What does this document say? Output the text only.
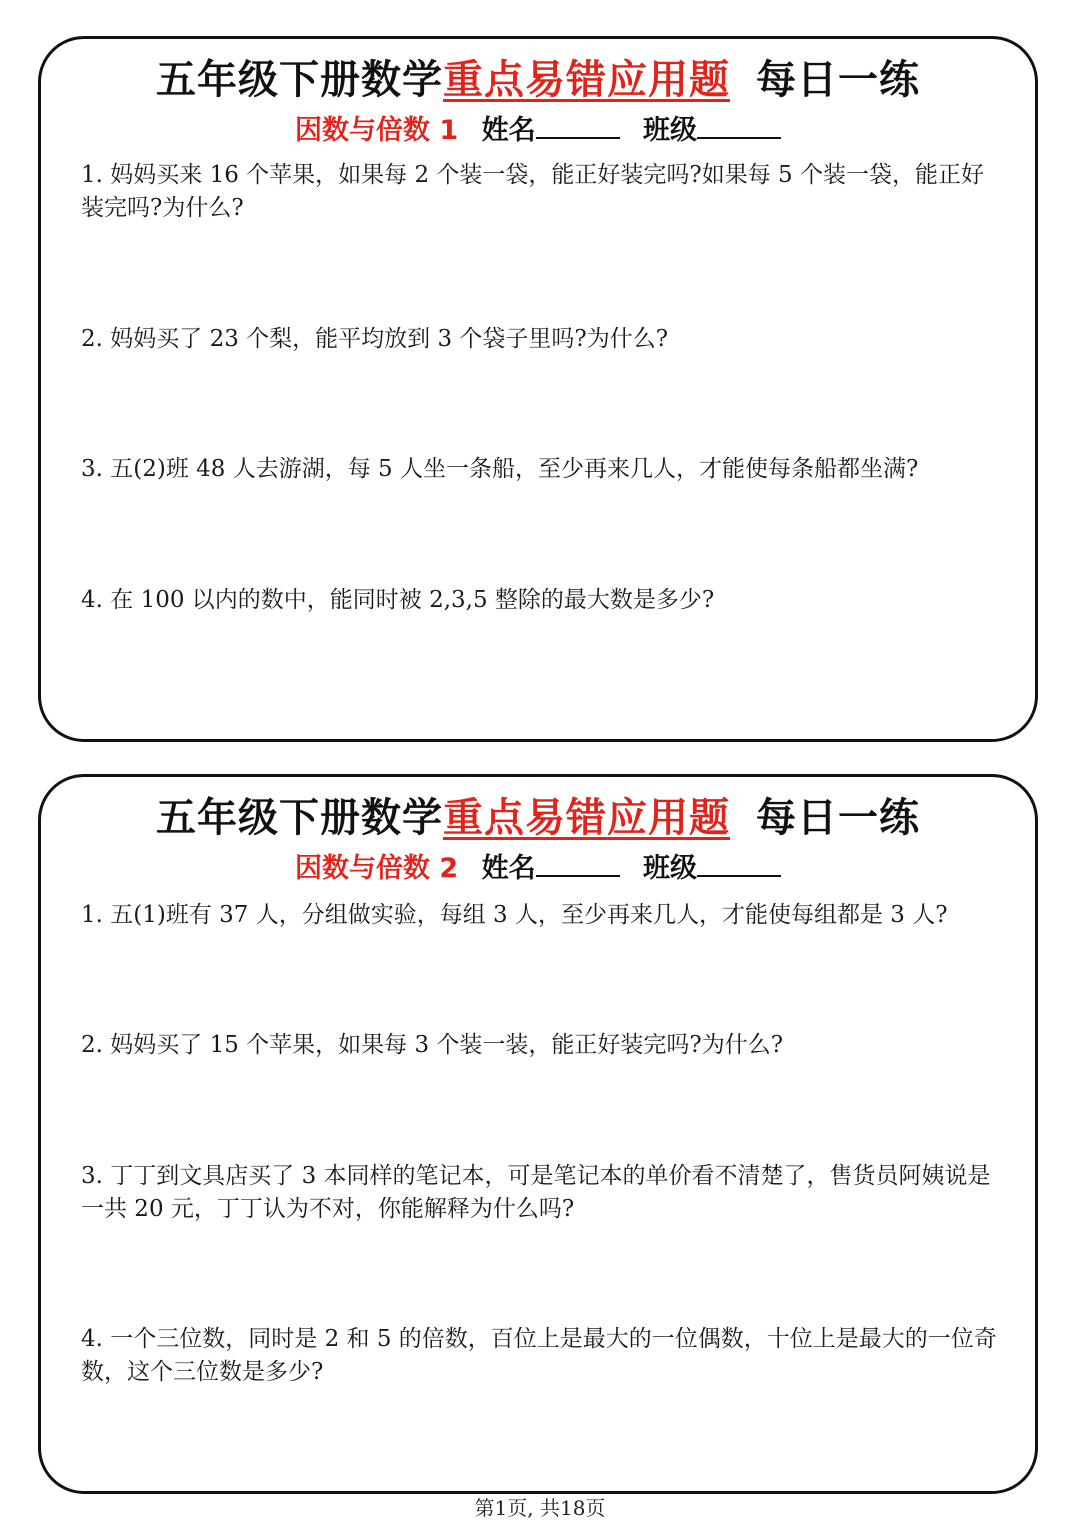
五年级下册数学重点易错应用题 每日一练
因数与倍数 1 姓名	班级
1. 妈妈买来 16 个苹果，如果每 2 个装一袋，能正好装完吗?如果每 5 个装一袋，能正好装完吗?为什么?
2. 妈妈买了 23 个梨，能平均放到 3 个袋子里吗?为什么?
3. 五(2)班 48 人去游湖，每 5 人坐一条船，至少再来几人，才能使每条船都坐满?
4. 在 100 以内的数中，能同时被 2,3,5 整除的最大数是多少?
五年级下册数学重点易错应用题 每日一练
因数与倍数 2 姓名	班级
1. 五(1)班有 37 人，分组做实验，每组 3 人，至少再来几人，才能使每组都是 3 人?
2. 妈妈买了 15 个苹果，如果每 3 个装一装，能正好装完吗?为什么?
3. 丁丁到文具店买了 3 本同样的笔记本，可是笔记本的单价看不清楚了，售货员阿姨说是一共 20 元，丁丁认为不对，你能解释为什么吗?
4. 一个三位数，同时是 2 和 5 的倍数，百位上是最大的一位偶数，十位上是最大的一位奇数，这个三位数是多少?
第1页, 共18页
